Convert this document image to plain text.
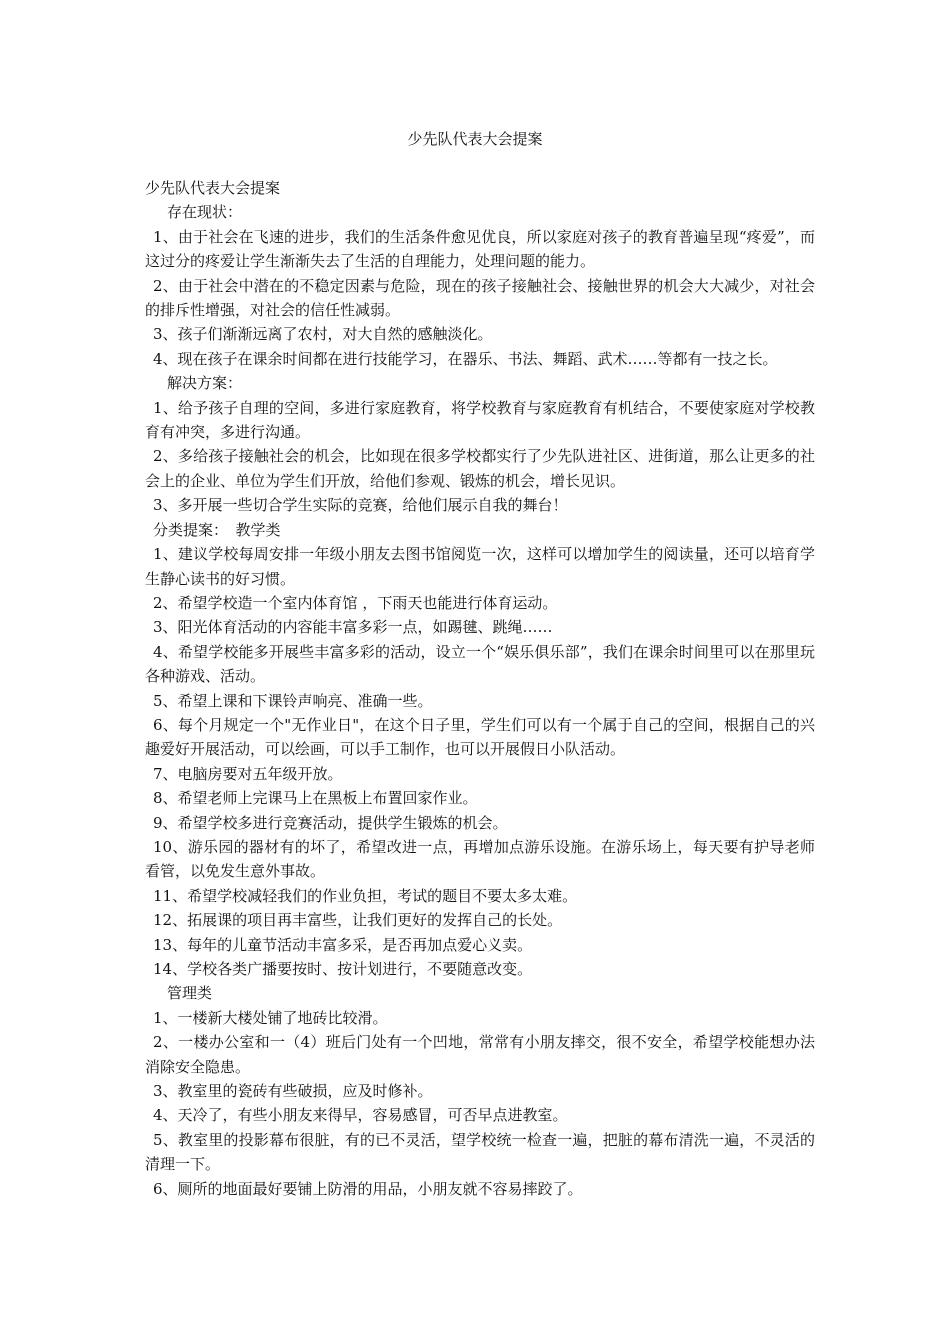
少先队代表大会提案

少先队代表大会提案

存在现状：

1、由于社会在飞速的进步，我们的生活条件愈见优良，所以家庭对孩子的教育普遍呈现“疼爱”，而这过分的疼爱让学生渐渐失去了生活的自理能力，处理问题的能力。

2、由于社会中潜在的不稳定因素与危险，现在的孩子接触社会、接触世界的机会大大减少，对社会的排斥性增强，对社会的信任性减弱。

3、孩子们渐渐远离了农村，对大自然的感触淡化。

4、现在孩子在课余时间都在进行技能学习，在器乐、书法、舞蹈、武术……等都有一技之长。

解决方案：

1、给予孩子自理的空间，多进行家庭教育，将学校教育与家庭教育有机结合，不要使家庭对学校教育有冲突，多进行沟通。

2、多给孩子接触社会的机会，比如现在很多学校都实行了少先队进社区、进街道，那么让更多的社会上的企业、单位为学生们开放，给他们参观、锻炼的机会，增长见识。

3、多开展一些切合学生实际的竞赛，给他们展示自我的舞台！

分类提案：　教学类

1、建议学校每周安排一年级小朋友去图书馆阅览一次，这样可以增加学生的阅读量，还可以培育学生静心读书的好习惯。

2、希望学校造一个室内体育馆 ，下雨天也能进行体育运动。

3、阳光体育活动的内容能丰富多彩一点，如踢毽、跳绳……

4、希望学校能多开展些丰富多彩的活动，设立一个“娱乐俱乐部”，我们在课余时间里可以在那里玩各种游戏、活动。

5、希望上课和下课铃声响亮、准确一些。

6、每个月规定一个"无作业日"，在这个日子里，学生们可以有一个属于自己的空间，根据自己的兴趣爱好开展活动，可以绘画，可以手工制作，也可以开展假日小队活动。

7、电脑房要对五年级开放。

8、希望老师上完课马上在黑板上布置回家作业。

9、希望学校多进行竞赛活动，提供学生锻炼的机会。

10、游乐园的器材有的坏了，希望改进一点，再增加点游乐设施。在游乐场上，每天要有护导老师看管，以免发生意外事故。

11、希望学校减轻我们的作业负担，考试的题目不要太多太难。

12、拓展课的项目再丰富些，让我们更好的发挥自己的长处。

13、每年的儿童节活动丰富多采，是否再加点爱心义卖。

14、学校各类广播要按时、按计划进行，不要随意改变。

管理类

1、一楼新大楼处铺了地砖比较滑。

2、一楼办公室和一（4）班后门处有一个凹地，常常有小朋友摔交，很不安全，希望学校能想办法消除安全隐患。

3、教室里的瓷砖有些破损，应及时修补。

4、天冷了，有些小朋友来得早，容易感冒，可否早点进教室。

5、教室里的投影幕布很脏，有的已不灵活，望学校统一检查一遍，把脏的幕布清洗一遍，不灵活的清理一下。

6、厕所的地面最好要铺上防滑的用品，小朋友就不容易摔跤了。
